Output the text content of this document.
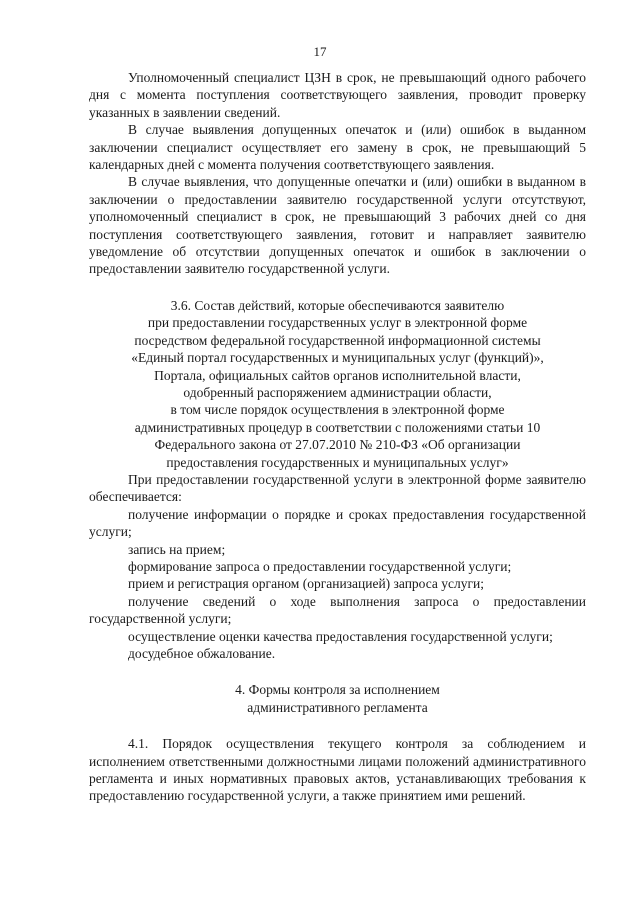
17

Уполномоченный специалист ЦЗН в срок, не превышающий одного рабочего дня с момента поступления соответствующего заявления, проводит проверку указанных в заявлении сведений.

В случае выявления допущенных опечаток и (или) ошибок в выданном заключении специалист осуществляет его замену в срок, не превышающий 5 календарных дней с момента получения соответствующего заявления.

В случае выявления, что допущенные опечатки и (или) ошибки в выданном в заключении о предоставлении заявителю государственной услуги отсутствуют, уполномоченный специалист в срок, не превышающий 3 рабочих дней со дня поступления соответствующего заявления, готовит и направляет заявителю уведомление об отсутствии допущенных опечаток и ошибок в заключении о предоставлении заявителю государственной услуги.

3.6. Состав действий, которые обеспечиваются заявителю
при предоставлении государственных услуг в электронной форме
посредством федеральной государственной информационной системы
«Единый портал государственных и муниципальных услуг (функций)»,
Портала, официальных сайтов органов исполнительной власти,
одобренный распоряжением администрации области,
в том числе порядок осуществления в электронной форме
административных процедур в соответствии с положениями статьи 10
Федерального закона от 27.07.2010 № 210-ФЗ «Об организации
предоставления государственных и муниципальных услуг»

При предоставлении государственной услуги в электронной форме заявителю обеспечивается:

получение информации о порядке и сроках предоставления государственной услуги;

запись на прием;

формирование запроса о предоставлении государственной услуги;

прием и регистрация органом (организацией) запроса услуги;

получение сведений о ходе выполнения запроса о предоставлении государственной услуги;

осуществление оценки качества предоставления государственной услуги;

досудебное обжалование.

4. Формы контроля за исполнением
административного регламента

4.1. Порядок осуществления текущего контроля за соблюдением и исполнением ответственными должностными лицами положений административного регламента и иных нормативных правовых актов, устанавливающих требования к предоставлению государственной услуги, а также принятием ими решений.
